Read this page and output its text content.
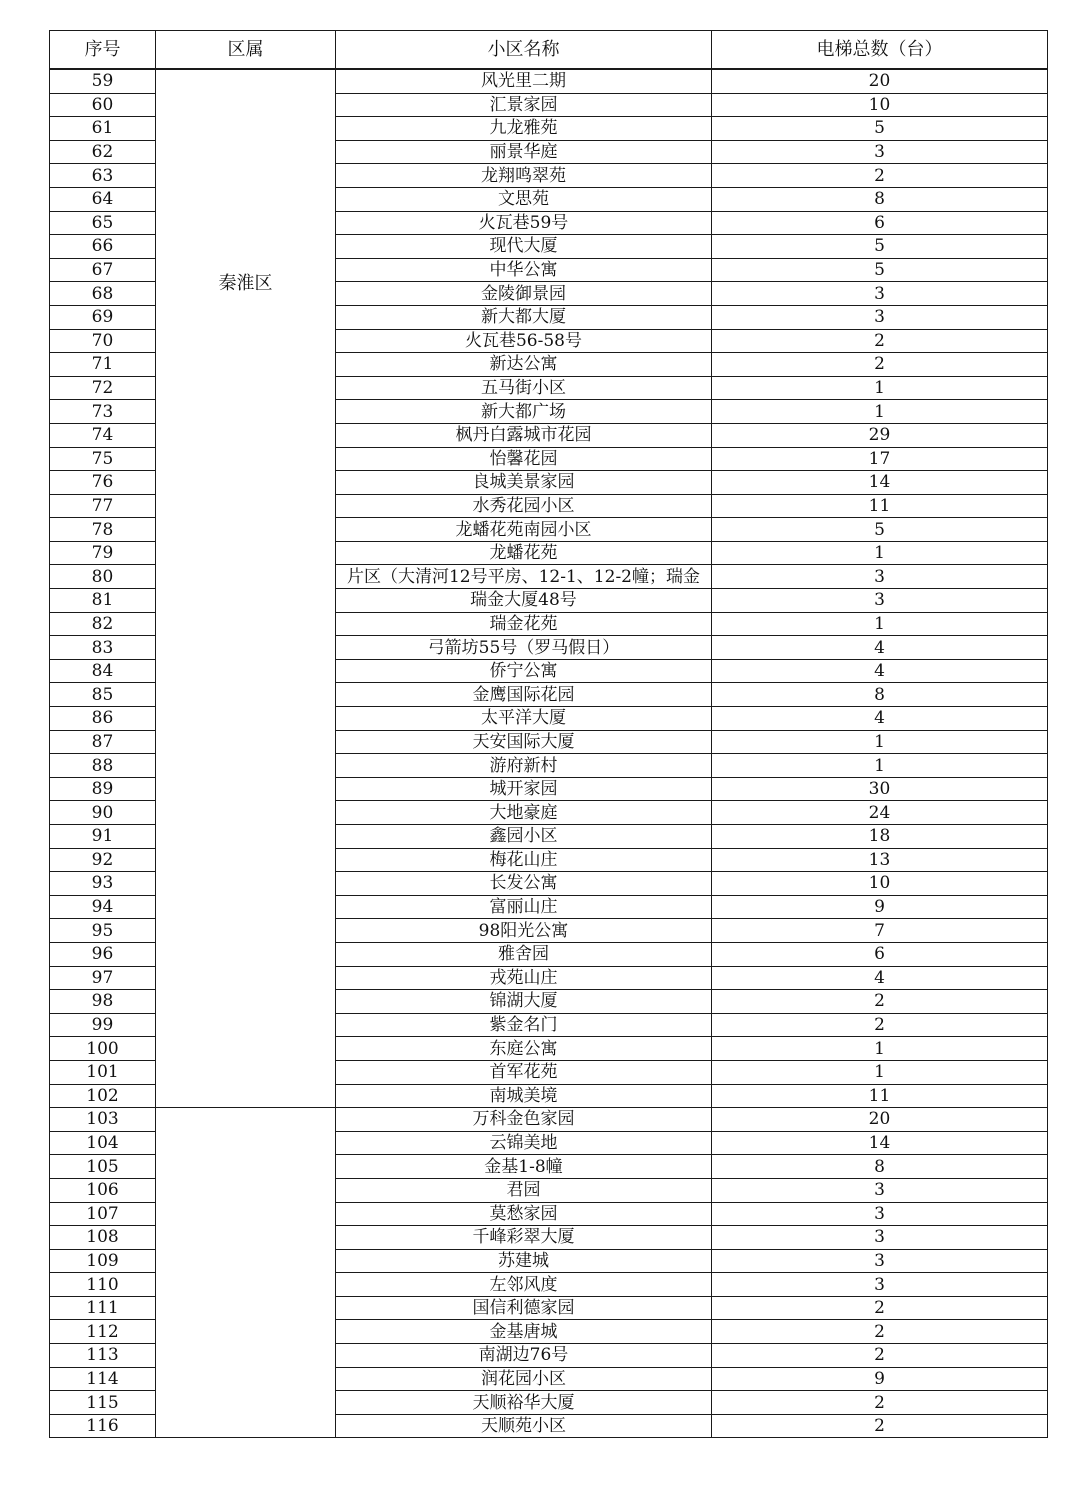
序号	区属	小区名称	电梯总数（台）
59	秦淮区	风光里二期	20
60		汇景家园	10
61		九龙雅苑	5
62		丽景华庭	3
63		龙翔鸣翠苑	2
64		文思苑	8
65		火瓦巷59号	6
66		现代大厦	5
67		中华公寓	5
68		金陵御景园	3
69		新大都大厦	3
70		火瓦巷56-58号	2
71		新达公寓	2
72		五马街小区	1
73		新大都广场	1
74		枫丹白露城市花园	29
75		怡馨花园	17
76		良城美景家园	14
77		水秀花园小区	11
78		龙蟠花苑南园小区	5
79		龙蟠花苑	1
80		片区（大清河12号平房、12-1、12-2幢；瑞金	3
81		瑞金大厦48号	3
82		瑞金花苑	1
83		弓箭坊55号（罗马假日）	4
84		侨宁公寓	4
85		金鹰国际花园	8
86		太平洋大厦	4
87		天安国际大厦	1
88		游府新村	1
89		城开家园	30
90		大地豪庭	24
91		鑫园小区	18
92		梅花山庄	13
93		长发公寓	10
94		富丽山庄	9
95		98阳光公寓	7
96		雅舍园	6
97		戎苑山庄	4
98		锦湖大厦	2
99		紫金名门	2
100		东庭公寓	1
101		首军花苑	1
102		南城美境	11
103		万科金色家园	20
104		云锦美地	14
105		金基1-8幢	8
106		君园	3
107		莫愁家园	3
108		千峰彩翠大厦	3
109		苏建城	3
110		左邻风度	3
111		国信利德家园	2
112		金基唐城	2
113		南湖边76号	2
114		润花园小区	9
115		天顺裕华大厦	2
116		天顺苑小区	2
